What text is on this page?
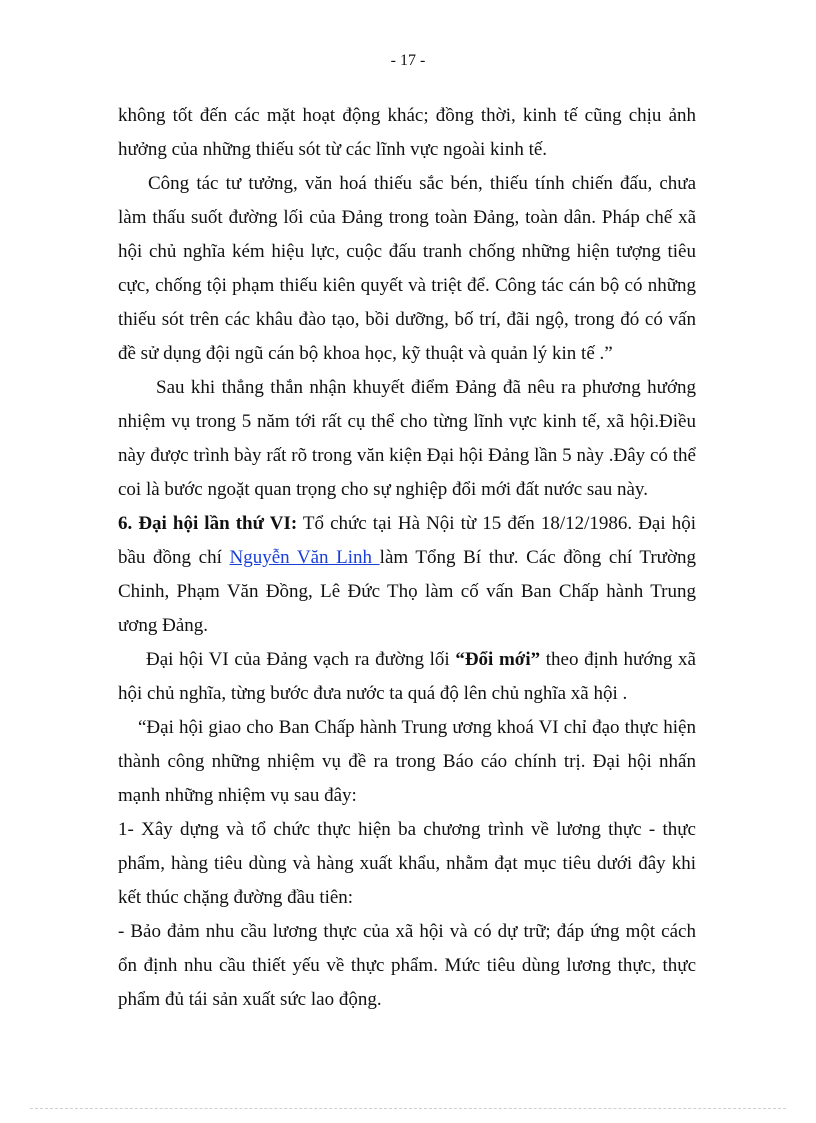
- 17 -

không tốt đến các mặt hoạt động khác; đồng thời, kinh tế cũng chịu ảnh hưởng của những thiếu sót từ các lĩnh vực ngoài kinh tế.

Công tác tư tưởng, văn hoá thiếu sắc bén, thiếu tính chiến đấu, chưa làm thấu suốt đường lối của Đảng trong toàn Đảng, toàn dân. Pháp chế xã hội chủ nghĩa kém hiệu lực, cuộc đấu tranh chống những hiện tượng tiêu cực, chống tội phạm thiếu kiên quyết và triệt để. Công tác cán bộ có những thiếu sót trên các khâu đào tạo, bồi dưỡng, bố trí, đãi ngộ, trong đó có vấn đề sử dụng đội ngũ cán bộ khoa học, kỹ thuật và quản lý kin tế .”

Sau khi thẳng thắn nhận khuyết điểm Đảng đã nêu ra phương hướng nhiệm vụ trong 5 năm tới rất cụ thể cho từng lĩnh vực kinh tế, xã hội.Điều này được trình bày rất rõ trong văn kiện Đại hội Đảng lần 5 này .Đây có thể coi là bước ngoặt quan trọng cho sự nghiệp đổi mới đất nước sau này.

6. Đại hội lần thứ VI: Tổ chức tại Hà Nội từ 15 đến 18/12/1986. Đại hội bầu đồng chí Nguyễn Văn Linh làm Tổng Bí thư. Các đồng chí Trường Chinh, Phạm Văn Đồng, Lê Đức Thọ làm cố vấn Ban Chấp hành Trung ương Đảng.

Đại hội VI của Đảng vạch ra đường lối “Đổi mới” theo định hướng xã hội chủ nghĩa, từng bước đưa nước ta quá độ lên chủ nghĩa xã hội .

“Đại hội giao cho Ban Chấp hành Trung ương khoá VI chỉ đạo thực hiện thành công những nhiệm vụ đề ra trong Báo cáo chính trị. Đại hội nhấn mạnh những nhiệm vụ sau đây:

1- Xây dựng và tổ chức thực hiện ba chương trình về lương thực - thực phẩm, hàng tiêu dùng và hàng xuất khẩu, nhằm đạt mục tiêu dưới đây khi kết thúc chặng đường đầu tiên:

- Bảo đảm nhu cầu lương thực của xã hội và có dự trữ; đáp ứng một cách ổn định nhu cầu thiết yếu về thực phẩm. Mức tiêu dùng lương thực, thực phẩm đủ tái sản xuất sức lao động.
